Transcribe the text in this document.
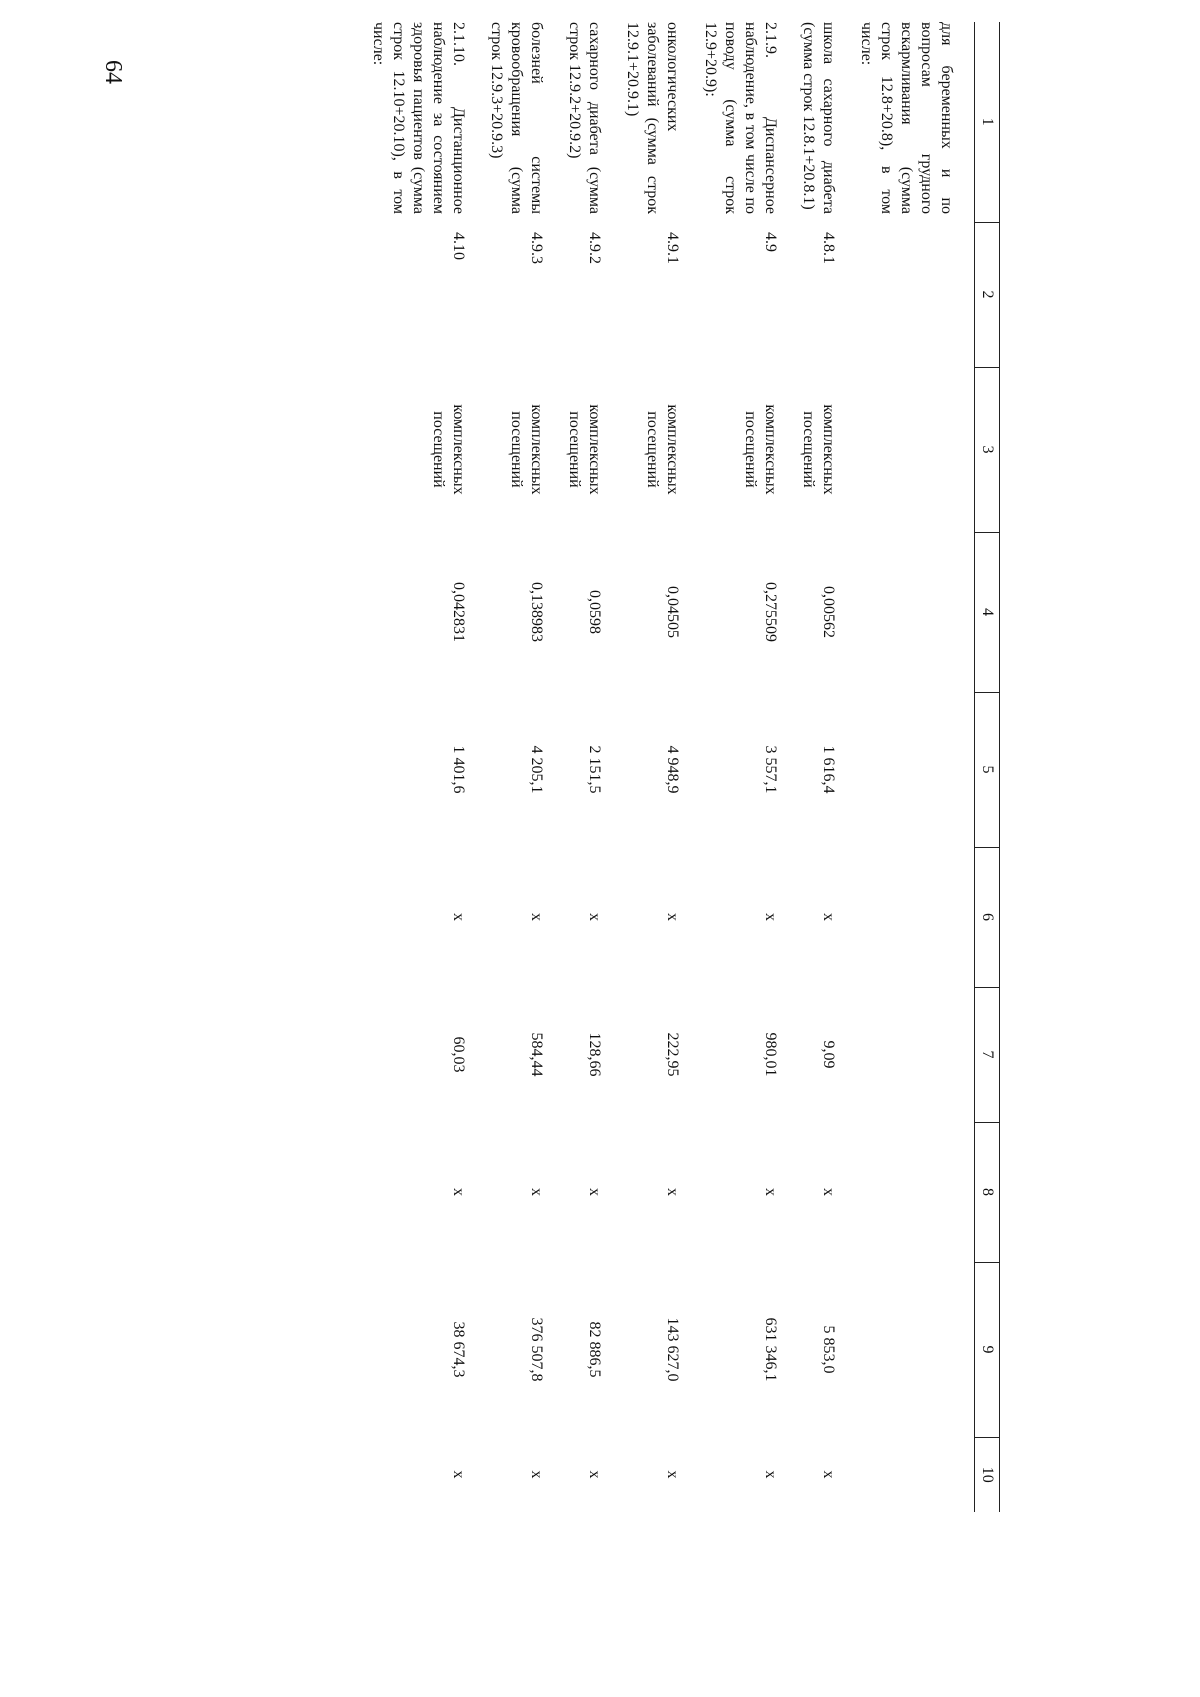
64
1	2	3	4	5	6	7	8	9	10
для беременных и по вопросам грудного вскармливания (сумма строк 12.8+20.8), в том числе:									
школа сахарного диабета (сумма строк 12.8.1+20.8.1)	4.8.1	комплексных посещений	0,00562	1 616,4	х	9,09	х	5 853,0	х
2.1.9. Диспансерное наблюдение, в том числе по поводу (сумма строк 12.9+20.9):	4.9	комплексных посещений	0,275509	3 557,1	х	980,01	х	631 346,1	х
онкологических заболеваний (сумма строк 12.9.1+20.9.1)	4.9.1	комплексных посещений	0,04505	4 948,9	х	222,95	х	143 627,0	х
сахарного диабета (сумма строк 12.9.2+20.9.2)	4.9.2	комплексных посещений	0,0598	2 151,5	х	128,66	х	82 886,5	х
болезней системы кровообращения (сумма строк 12.9.3+20.9.3)	4.9.3	комплексных посещений	0,138983	4 205,1	х	584,44	х	376 507,8	х
2.1.10. Дистанционное наблюдение за состоянием здоровья пациентов (сумма строк 12.10+20.10), в том числе:	4.10	комплексных посещений	0,042831	1 401,6	х	60,03	х	38 674,3	х
